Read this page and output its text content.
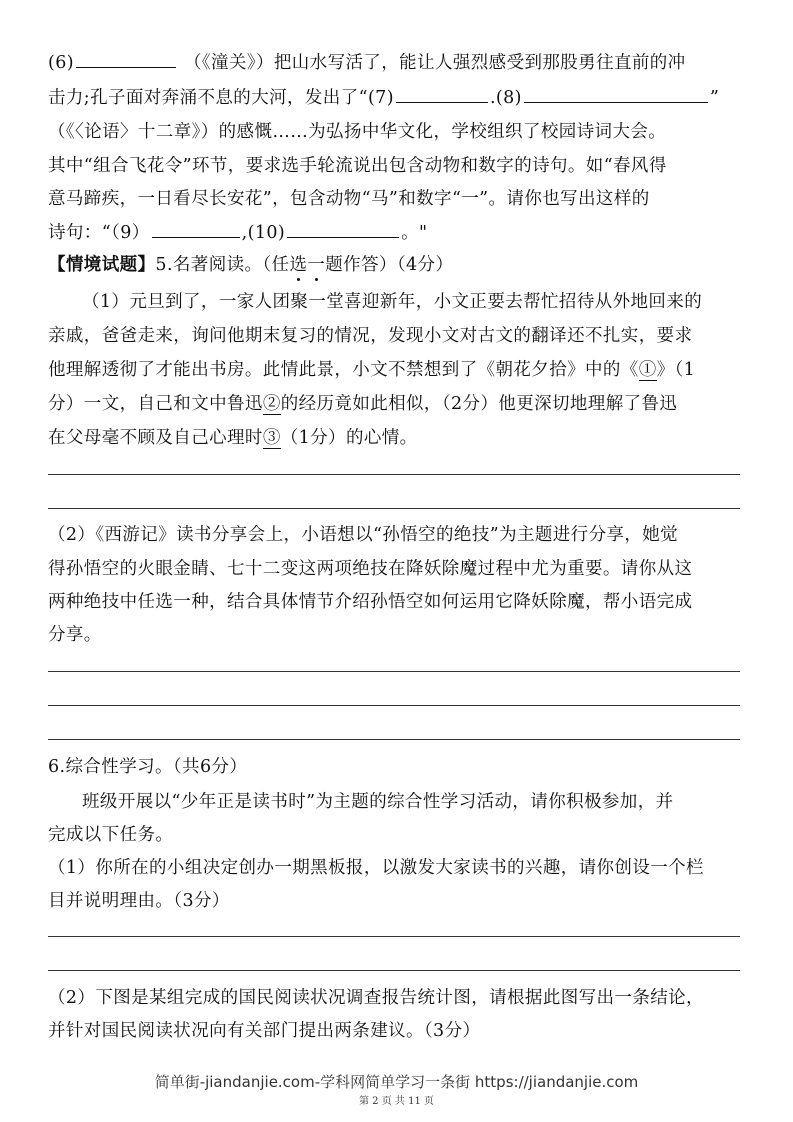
(6)	（《潼关》）把山水写活了，能让人强烈感受到那股勇往直前的冲
击力;孔子面对奔涌不息的大河，发出了“(7)	.(8)	”
（《〈论语〉十二章》）的感慨……为弘扬中华文化，学校组织了校园诗词大会。
其中“组合飞花令”环节，要求选手轮流说出包含动物和数字的诗句。如“春风得
意马蹄疾，一日看尽长安花”，包含动物“马”和数字“一”。请你也写出这样的
诗句：“（9）	,(10)	。"
【情境试题】5.名著阅读。（任选一题作答）（4分）
（1）元旦到了，一家人团聚一堂喜迎新年，小文正要去帮忙招待从外地回来的
亲戚，爸爸走来，询问他期末复习的情况，发现小文对古文的翻译还不扎实，要求
他理解透彻了才能出书房。此情此景，小文不禁想到了《朝花夕拾》中的《①》（1
分）一文，自己和文中鲁迅②的经历竟如此相似，（2分）他更深切地理解了鲁迅
在父母毫不顾及自己心理时③（1分）的心情。
（2）《西游记》读书分享会上，小语想以“孙悟空的绝技”为主题进行分享，她觉
得孙悟空的火眼金睛、七十二变这两项绝技在降妖除魔过程中尤为重要。请你从这
两种绝技中任选一种，结合具体情节介绍孙悟空如何运用它降妖除魔，帮小语完成
分享。
6.综合性学习。（共6分）
班级开展以“少年正是读书时”为主题的综合性学习活动，请你积极参加，并
完成以下任务。
（1）你所在的小组决定创办一期黑板报，以激发大家读书的兴趣，请你创设一个栏
目并说明理由。（3分）
（2）下图是某组完成的国民阅读状况调查报告统计图，请根据此图写出一条结论，
并针对国民阅读状况向有关部门提出两条建议。（3分）
简单街-jiandanjie.com-学科网简单学习一条街 https://jiandanjie.com
第 2 页 共 11 页
